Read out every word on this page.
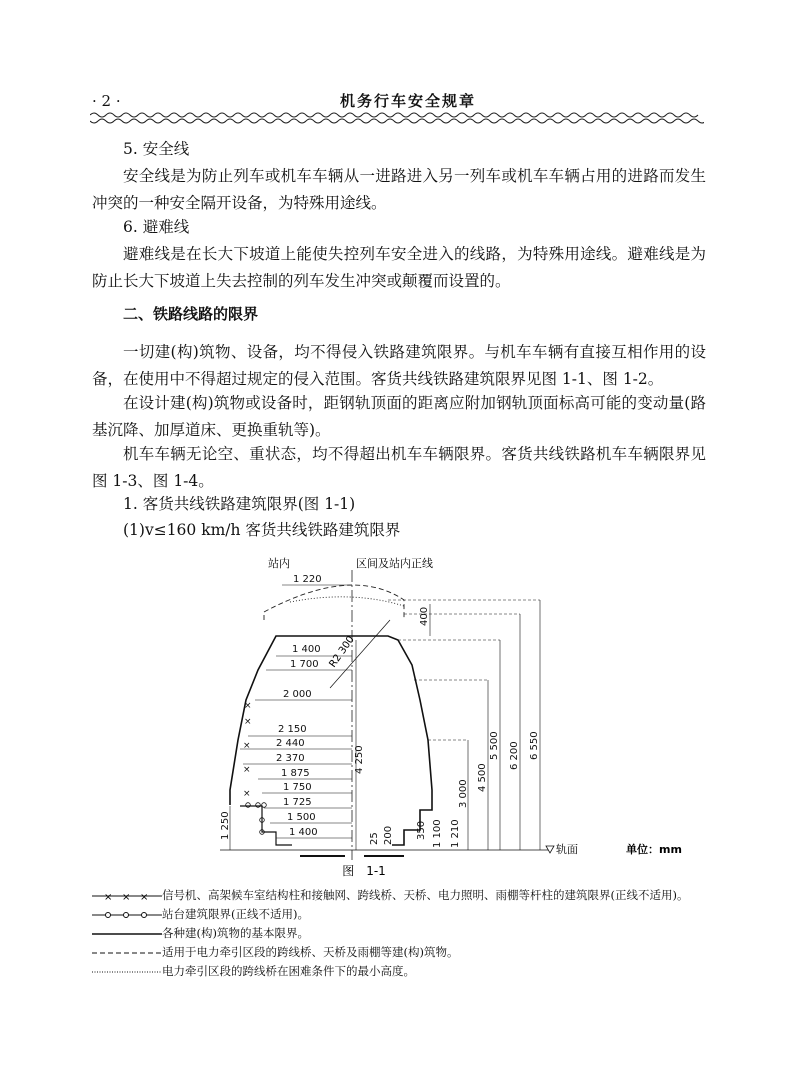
· 2 ·	机务行车安全规章
5. 安全线
安全线是为防止列车或机车车辆从一进路进入另一列车或机车车辆占用的进路而发生冲突的一种安全隔开设备，为特殊用途线。
6. 避难线
避难线是在长大下坡道上能使失控列车安全进入的线路，为特殊用途线。避难线是为防止长大下坡道上失去控制的列车发生冲突或颠覆而设置的。
二、铁路线路的限界
一切建(构)筑物、设备，均不得侵入铁路建筑限界。与机车车辆有直接互相作用的设备，在使用中不得超过规定的侵入范围。客货共线铁路建筑限界见图 1-1、图 1-2。
在设计建(构)筑物或设备时，距钢轨顶面的距离应附加钢轨顶面标高可能的变动量(路基沉降、加厚道床、更换重轨等)。
机车车辆无论空、重状态，均不得超出机车车辆限界。客货共线铁路机车车辆限界见图 1-3、图 1-4。
1. 客货共线铁路建筑限界(图 1-1)
(1)v≤160 km/h 客货共线铁路建筑限界
站内	区间及站内正线
×
×
×
×
×
1 220
1 400
1 700
2 000
2 150
2 440
2 370
1 875
1 750
1 725
1 500
1 400
R2 300
400
6 550
6 200
5 500
4 500
3 000
4 250
1 250	25 200 350 1 100 1 210
轨面	单位：mm
图　1-1
× × × 信号机、高架候车室结构柱和接触网、跨线桥、天桥、电力照明、雨棚等杆柱的建筑限界(正线不适用)。
站台建筑限界(正线不适用)。
各种建(构)筑物的基本限界。
适用于电力牵引区段的跨线桥、天桥及雨棚等建(构)筑物。
电力牵引区段的跨线桥在困难条件下的最小高度。
